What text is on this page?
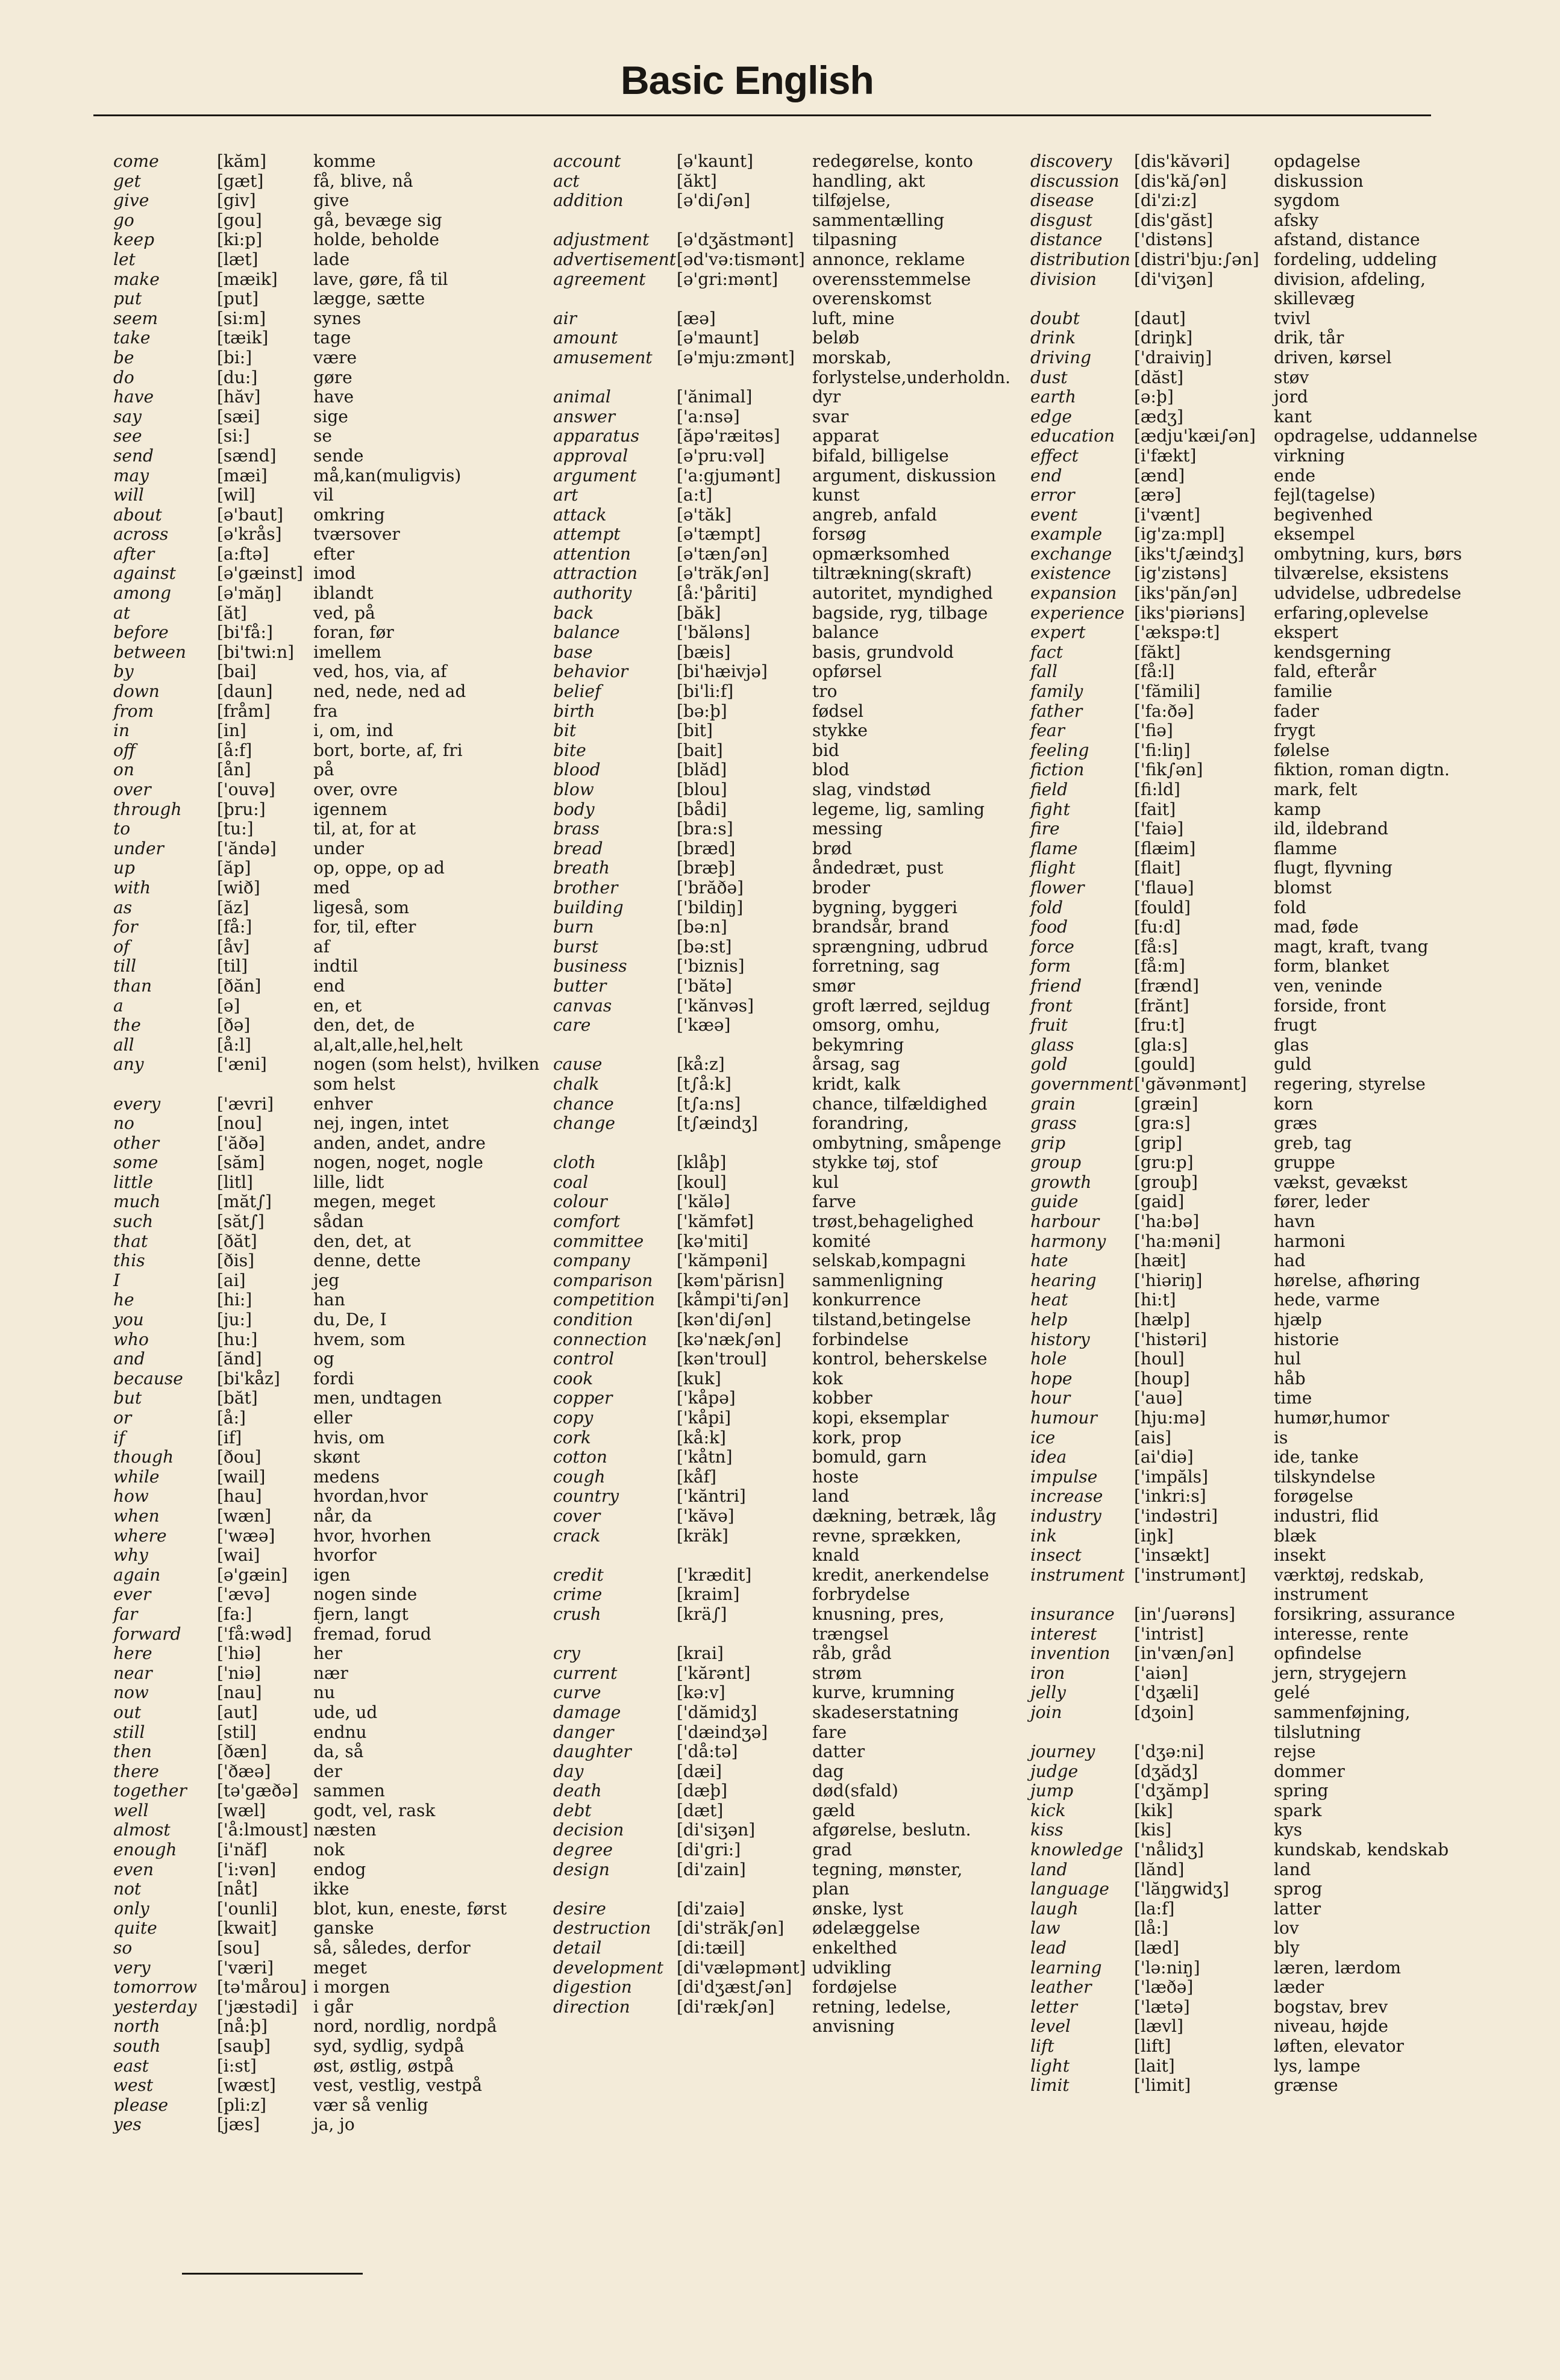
Basic English
come	[kăm]	komme
get	[gæt]	få, blive, nå
give	[giv]	give
go	[gou]	gå, bevæge sig
keep	[ki:p]	holde, beholde
let	[læt]	lade
make	[mæik]	lave, gøre, få til
put	[put]	lægge, sætte
seem	[si:m]	synes
take	[tæik]	tage
be	[bi:]	være
do	[du:]	gøre
have	[hăv]	have
say	[sæi]	sige
see	[si:]	se
send	[sænd]	sende
may	[mæi]	må,kan(muligvis)
will	[wil]	vil
about	[ə'baut]	omkring
across	[ə'krås]	tværsover
after	[a:ftə]	efter
against	[ə'gæinst] imod
among	[ə'măŋ]	iblandt
at	[ăt]	ved, på
before	[bi'få:]	foran, før
between	[bi'twi:n]	imellem
by	[bai]	ved, hos, via, af
down	[daun]	ned, nede, ned ad
from	[fråm]	fra
in	[in]	i, om, ind
off	[å:f]	bort, borte, af, fri
on	[ån]	på
over	['ouvə]	over, ovre
through	[þru:]	igennem
to	[tu:]	til, at, for at
under	['ăndə]	under
up	[ăp]	op, oppe, op ad
with	[wið]	med
as	[ăz]	ligeså, som
for	[få:]	for, til, efter
of	[åv]	af
till	[til]	indtil
than	[ðăn]	end
a	[ə]	en, et
the	[ðə]	den, det, de
all	[å:l]	al,alt,alle,hel,helt
any	['æni]	nogen (som helst), hvilken som helst
every	['ævri]	enhver
no	[nou]	nej, ingen, intet
other	['ăðə]	anden, andet, andre
some	[săm]	nogen, noget, nogle
little	[litl]	lille, lidt
much	[măt∫]	megen, meget
such	[săt∫]	sådan
that	[ðăt]	den, det, at
this	[ðis]	denne, dette
I	[ai]	jeg
he	[hi:]	han
you	[ju:]	du, De, I
who	[hu:]	hvem, som
and	[ănd]	og
because	[bi'kåz]	fordi
but	[băt]	men, undtagen
or	[å:]	eller
if	[if]	hvis, om
though	[ðou]	skønt
while	[wail]	medens
how	[hau]	hvordan,hvor
when	[wæn]	når, da
where	['wæə]	hvor, hvorhen
why	[wai]	hvorfor
again	[ə'gæin]	igen
ever	['ævə]	nogen sinde
far	[fa:]	fjern, langt
forward	['få:wəd]	fremad, forud
here	['hiə]	her
near	['niə]	nær
now	[nau]	nu
out	[aut]	ude, ud
still	[stil]	endnu
then	[ðæn]	da, så
there	['ðæə]	der
together	[tə'gæðə] sammen
well	[wæl]	godt, vel, rask
almost	['å:lmoust] næsten
enough	[i'năf]	nok
even	['i:vən]	endog
not	[nåt]	ikke
only	['ounli]	blot, kun, eneste, først
quite	[kwait]	ganske
so	[sou]	så, således, derfor
very	['væri]	meget
tomorrow	[tə'mårou] i morgen
yesterday	['jæstədi] i går
north	[nå:þ]	nord, nordlig, nordpå
south	[sauþ]	syd, sydlig, sydpå
east	[i:st]	øst, østlig, østpå
west	[wæst]	vest, vestlig, vestpå
please	[pli:z]	vær så venlig
yes	[jæs]	ja, jo
account	[ə'kaunt]	redegørelse, konto
act	[ăkt]	handling, akt
addition	[ə'di∫ən]	tilføjelse, sammentælling
adjustment	[ə'dʒăstmənt]	tilpasning
advertisement [əd'və:tismənt] annonce, reklame
agreement	[ə'gri:mənt]	overensstemmelse overenskomst
air	[æə]	luft, mine
amount	[ə'maunt]	beløb
amusement	[ə'mju:zmənt]	morskab, forlystelse,underholdn.
animal	['ănimal]	dyr
answer	['a:nsə]	svar
apparatus	[ăpə'ræitəs]	apparat
approval	[ə'pru:vəl]	bifald, billigelse
argument	['a:gjumənt]	argument, diskussion
art	[a:t]	kunst
attack	[ə'tăk]	angreb, anfald
attempt	[ə'tæmpt]	forsøg
attention	[ə'tæn∫ən]	opmærksomhed
attraction	[ə'trăk∫ən]	tiltrækning(skraft)
authority	[å:'þåriti]	autoritet, myndighed
back	[băk]	bagside, ryg, tilbage
balance	['băləns]	balance
base	[bæis]	basis, grundvold
behavior	[bi'hæivjə]	opførsel
belief	[bi'li:f]	tro
birth	[bə:þ]	fødsel
bit	[bit]	stykke
bite	[bait]	bid
blood	[blăd]	blod
blow	[blou]	slag, vindstød
body	[bådi]	legeme, lig, samling
brass	[bra:s]	messing
bread	[bræd]	brød
breath	[bræþ]	åndedræt, pust
brother	['brăðə]	broder
building	['bildiŋ]	bygning, byggeri
burn	[bə:n]	brandsår, brand
burst	[bə:st]	sprængning, udbrud
business	['biznis]	forretning, sag
butter	['bătə]	smør
canvas	['kănvəs]	groft lærred, sejldug
care	['kæə]	omsorg, omhu, bekymring
cause	[kå:z]	årsag, sag
chalk	[t∫å:k]	kridt, kalk
chance	[t∫a:ns]	chance, tilfældighed
change	[t∫æindʒ]	forandring, ombytning, småpenge
cloth	[klåþ]	stykke tøj, stof
coal	[koul]	kul
colour	['kălə]	farve
comfort	['kămfət]	trøst,behagelighed
committee	[kə'miti]	komité
company	['kămpəni]	selskab,kompagni
comparison	[kəm'părisn]	sammenligning
competition	[kåmpi'ti∫ən]	konkurrence
condition	[kən'di∫ən]	tilstand,betingelse
connection	[kə'næk∫ən]	forbindelse
control	[kən'troul]	kontrol, beherskelse
cook	[kuk]	kok
copper	['kåpə]	kobber
copy	['kåpi]	kopi, eksemplar
cork	[kå:k]	kork, prop
cotton	['kåtn]	bomuld, garn
cough	[kåf]	hoste
country	['kăntri]	land
cover	['kăvə]	dækning, betræk, låg
crack	[kräk]	revne, sprækken, knald
credit	['krædit]	kredit, anerkendelse
crime	[kraim]	forbrydelse
crush	[krä∫]	knusning, pres, trængsel
cry	[krai]	råb, gråd
current	['kărənt]	strøm
curve	[kə:v]	kurve, krumning
damage	['dămidʒ]	skadeserstatning
danger	['dæindʒə]	fare
daughter	['då:tə]	datter
day	[dæi]	dag
death	[dæþ]	død(sfald)
debt	[dæt]	gæld
decision	[di'siʒən]	afgørelse, beslutn.
degree	[di'gri:]	grad
design	[di'zain]	tegning, mønster, plan
desire	[di'zaiə]	ønske, lyst
destruction	[di'străk∫ən]	ødelæggelse
detail	[di:tæil]	enkelthed
development [di'væləpmənt] udvikling
digestion	[di'dʒæst∫ən]	fordøjelse
direction	[di'ræk∫ən]	retning, ledelse, anvisning
discovery	[dis'kăvəri]	opdagelse
discussion [dis'kă∫ən]	diskussion
disease	[di'zi:z]	sygdom
disgust	[dis'găst]	afsky
distance	['distəns]	afstand, distance
distribution [distri'bju:∫ən] fordeling, uddeling
division	[di'viʒən]	division, afdeling, skillevæg
doubt	[daut]	tvivl
drink	[driŋk]	drik, tår
driving	['draiviŋ]	driven, kørsel
dust	[dăst]	støv
earth	[ə:þ]	jord
edge	[ædʒ]	kant
education	[ædju'kæi∫ən]	opdragelse, uddannelse
effect	[i'fækt]	virkning
end	[ænd]	ende
error	[ærə]	fejl(tagelse)
event	[i'vænt]	begivenhed
example	[ig'za:mpl]	eksempel
exchange	[iks't∫æindʒ]	ombytning, kurs, børs
existence	[ig'zistəns]	tilværelse, eksistens
expansion	[iks'păn∫ən]	udvidelse, udbredelse
experience [iks'piəriəns]	erfaring,oplevelse
expert	['ækspə:t]	ekspert
fact	[făkt]	kendsgerning
fall	[få:l]	fald, efterår
family	['fămili]	familie
father	['fa:ðə]	fader
fear	['fiə]	frygt
feeling	['fi:liŋ]	følelse
fiction	['fik∫ən]	fiktion, roman digtn.
field	[fi:ld]	mark, felt
fight	[fait]	kamp
fire	['faiə]	ild, ildebrand
flame	[flæim]	flamme
flight	[flait]	flugt, flyvning
flower	['flauə]	blomst
fold	[fould]	fold
food	[fu:d]	mad, føde
force	[få:s]	magt, kraft, tvang
form	[få:m]	form, blanket
friend	[frænd]	ven, veninde
front	[frănt]	forside, front
fruit	[fru:t]	frugt
glass	[gla:s]	glas
gold	[gould]	guld
government ['găvənmənt]	regering, styrelse
grain	[græin]	korn
grass	[gra:s]	græs
grip	[grip]	greb, tag
group	[gru:p]	gruppe
growth	[grouþ]	vækst, gevækst
guide	[gaid]	fører, leder
harbour	['ha:bə]	havn
harmony	['ha:məni]	harmoni
hate	[hæit]	had
hearing	['hiəriŋ]	hørelse, afhøring
heat	[hi:t]	hede, varme
help	[hælp]	hjælp
history	['histəri]	historie
hole	[houl]	hul
hope	[houp]	håb
hour	['auə]	time
humour	[hju:mə]	humør,humor
ice	[ais]	is
idea	[ai'diə]	ide, tanke
impulse	['impăls]	tilskyndelse
increase	['inkri:s]	forøgelse
industry	['indəstri]	industri, flid
ink	[iŋk]	blæk
insect	['insækt]	insekt
instrument ['instrumənt]	værktøj, redskab, instrument
insurance	[in'∫uərəns]	forsikring, assurance
interest	['intrist]	interesse, rente
invention	[in'væn∫ən]	opfindelse
iron	['aiən]	jern, strygejern
jelly	['dʒæli]	gelé
join	[dʒoin]	sammenføjning, tilslutning
journey	['dʒə:ni]	rejse
judge	[dʒădʒ]	dommer
jump	['dʒămp]	spring
kick	[kik]	spark
kiss	[kis]	kys
knowledge ['nålidʒ]	kundskab, kendskab
land	[lănd]	land
language	['lăŋgwidʒ]	sprog
laugh	[la:f]	latter
law	[lå:]	lov
lead	[læd]	bly
learning	['lə:niŋ]	læren, lærdom
leather	['læðə]	læder
letter	['lætə]	bogstav, brev
level	[lævl]	niveau, højde
lift	[lift]	løften, elevator
light	[lait]	lys, lampe
limit	['limit]	grænse
